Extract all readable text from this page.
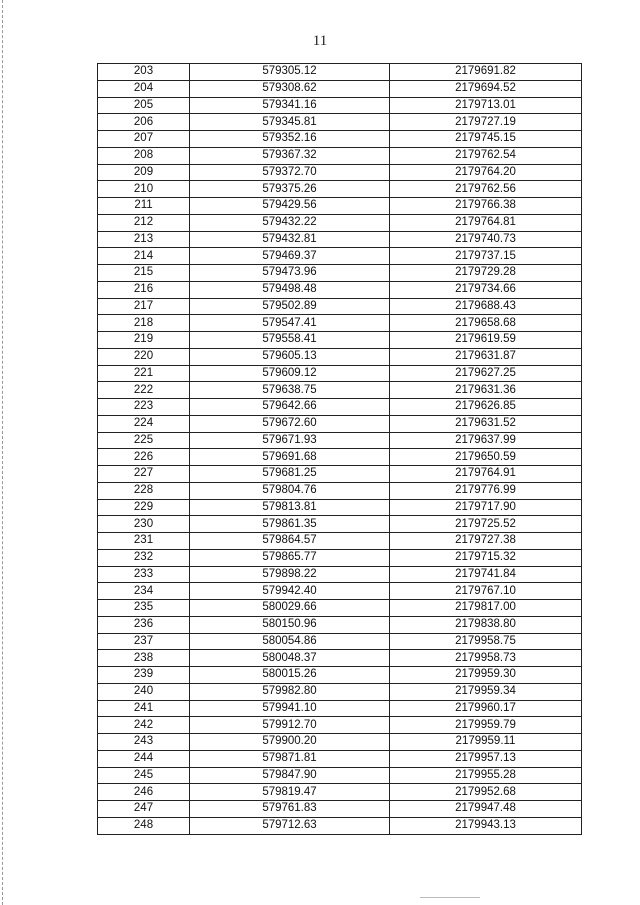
11
203	579305.12	2179691.82
204	579308.62	2179694.52
205	579341.16	2179713.01
206	579345.81	2179727.19
207	579352.16	2179745.15
208	579367.32	2179762.54
209	579372.70	2179764.20
210	579375.26	2179762.56
211	579429.56	2179766.38
212	579432.22	2179764.81
213	579432.81	2179740.73
214	579469.37	2179737.15
215	579473.96	2179729.28
216	579498.48	2179734.66
217	579502.89	2179688.43
218	579547.41	2179658.68
219	579558.41	2179619.59
220	579605.13	2179631.87
221	579609.12	2179627.25
222	579638.75	2179631.36
223	579642.66	2179626.85
224	579672.60	2179631.52
225	579671.93	2179637.99
226	579691.68	2179650.59
227	579681.25	2179764.91
228	579804.76	2179776.99
229	579813.81	2179717.90
230	579861.35	2179725.52
231	579864.57	2179727.38
232	579865.77	2179715.32
233	579898.22	2179741.84
234	579942.40	2179767.10
235	580029.66	2179817.00
236	580150.96	2179838.80
237	580054.86	2179958.75
238	580048.37	2179958.73
239	580015.26	2179959.30
240	579982.80	2179959.34
241	579941.10	2179960.17
242	579912.70	2179959.79
243	579900.20	2179959.11
244	579871.81	2179957.13
245	579847.90	2179955.28
246	579819.47	2179952.68
247	579761.83	2179947.48
248	579712.63	2179943.13
